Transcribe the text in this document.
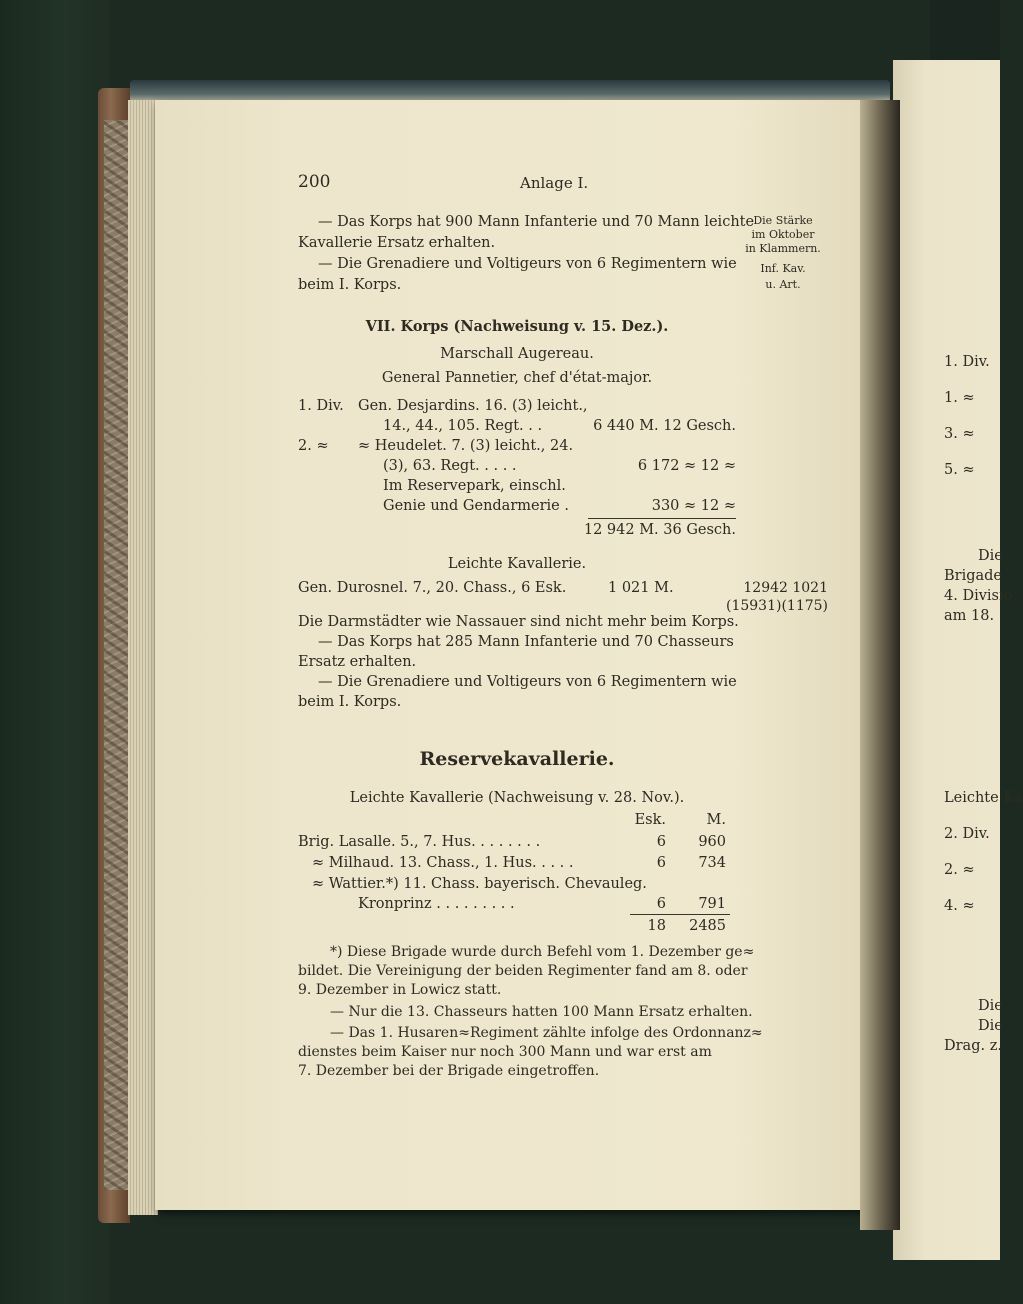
200	Anlage I.
— Das Korps hat 900 Mann Infanterie und 70 Mann leichte
Kavallerie Ersatz erhalten.
— Die Grenadiere und Voltigeurs von 6 Regimentern wie
beim I. Korps.
Die Stärke
im Oktober
in Klammern.
Inf. Kav.
u. Art.
VII. Korps (Nachweisung v. 15. Dez.).
Marschall Augereau.
General Pannetier, chef d'état-major.
1. Div. Gen. Desjardins. 16. (3) leicht.,
14., 44., 105. Regt. . .	6 440 M. 12 Gesch.
2. ≈ ≈ Heudelet. 7. (3) leicht., 24.
(3), 63. Regt. . . . .	6 172 ≈ 12 ≈
Im Reservepark, einschl.
Genie und Gendarmerie .	330 ≈ 12 ≈
12 942 M. 36 Gesch.
Leichte Kavallerie.
Gen. Durosnel. 7., 20. Chass., 6 Esk.	1 021 M.	12942 1021
(15931)(1175)
Die Darmstädter wie Nassauer sind nicht mehr beim Korps.
— Das Korps hat 285 Mann Infanterie und 70 Chasseurs
Ersatz erhalten.
— Die Grenadiere und Voltigeurs von 6 Regimentern wie
beim I. Korps.
Reservekavallerie.
Leichte Kavallerie (Nachweisung v. 28. Nov.).
Esk.	M.
Brig. Lasalle. 5., 7. Hus. . . . . . . .	6	960
≈ Milhaud. 13. Chass., 1. Hus. . . . .	6	734
≈ Wattier.*) 11. Chass. bayerisch. Chevauleg.
Kronprinz . . . . . . . . .	6	791
18	2485
*) Diese Brigade wurde durch Befehl vom 1. Dezember ge≈
bildet. Die Vereinigung der beiden Regimenter fand am 8. oder
9. Dezember in Lowicz statt.
— Nur die 13. Chasseurs hatten 100 Mann Ersatz erhalten.
— Das 1. Husaren≈Regiment zählte infolge des Ordonnanz≈
dienstes beim Kaiser nur noch 300 Mann und war erst am
7. Dezember bei der Brigade eingetroffen.
1. Div.
1. ≈
3. ≈
5. ≈
Die
Brigade
4. Divisio
am 18.
Leichte Ka
2. Div.
2. ≈
4. ≈
Die
Die
Drag. z.
